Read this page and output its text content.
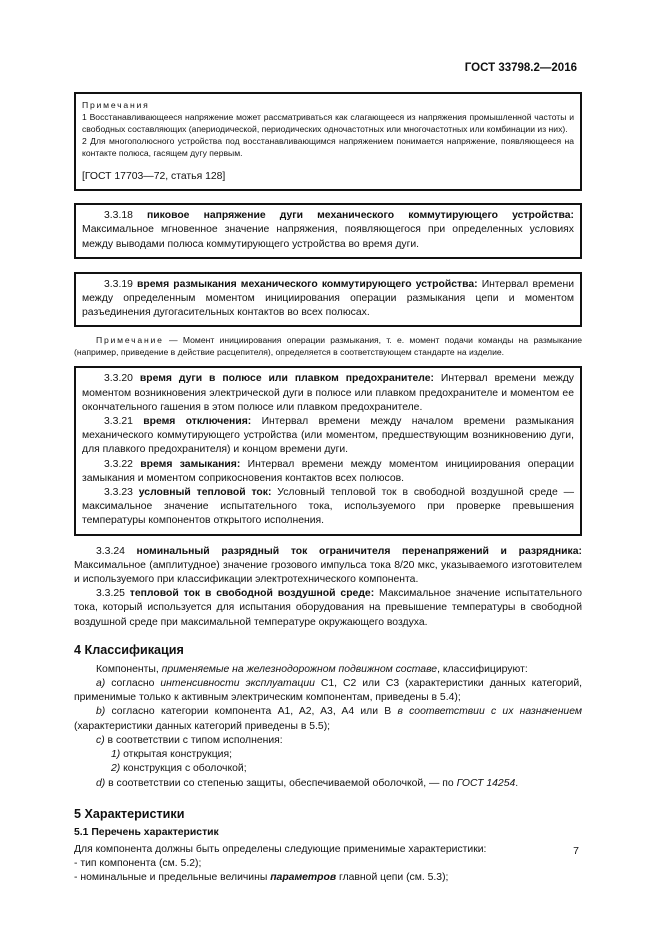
ГОСТ 33798.2—2016

Примечания

1 Восстанавливающееся напряжение может рассматриваться как слагающееся из напряжения промышленной частоты и свободных составляющих (апериодической, периодических одночастотных или многочастотных или комбинации из них).

2 Для многополюсного устройства под восстанавливающимся напряжением понимается напряжение, появляющееся на контакте полюса, гасящем дугу первым.

[ГОСТ 17703—72, статья 128]

3.3.18 пиковое напряжение дуги механического коммутирующего устройства: Максимальное мгновенное значение напряжения, появляющегося при определенных условиях между выводами полюса коммутирующего устройства во время дуги.

3.3.19 время размыкания механического коммутирующего устройства: Интервал времени между определенным моментом инициирования операции размыкания цепи и моментом разъединения дугогасительных контактов во всех полюсах.

Примечание — Момент инициирования операции размыкания, т. е. момент подачи команды на размыкание (например, приведение в действие расцепителя), определяется в соответствующем стандарте на изделие.

3.3.20 время дуги в полюсе или плавком предохранителе: Интервал времени между моментом возникновения электрической дуги в полюсе или плавком предохранителе и моментом ее окончательного гашения в этом полюсе или плавком предохранителе.

3.3.21 время отключения: Интервал времени между началом времени размыкания механического коммутирующего устройства (или моментом, предшествующим возникновению дуги, для плавкого предохранителя) и концом времени дуги.

3.3.22 время замыкания: Интервал времени между моментом инициирования операции замыкания и моментом соприкосновения контактов всех полюсов.

3.3.23 условный тепловой ток: Условный тепловой ток в свободной воздушной среде — максимальное значение испытательного тока, используемого при проверке превышения температуры компонентов открытого исполнения.

3.3.24 номинальный разрядный ток ограничителя перенапряжений и разрядника: Максимальное (амплитудное) значение грозового импульса тока 8/20 мкс, указываемого изготовителем и используемого при классификации электротехнического компонента.

3.3.25 тепловой ток в свободной воздушной среде: Максимальное значение испытательного тока, который используется для испытания оборудования на превышение температуры в свободной воздушной среде при максимальной температуре окружающего воздуха.

4 Классификация

Компоненты, применяемые на железнодорожном подвижном составе, классифицируют:

а) согласно интенсивности эксплуатации С1, С2 или С3 (характеристики данных категорий, применимые только к активным электрическим компонентам, приведены в 5.4);

b) согласно категории компонента A1, A2, A3, A4 или B в соответствии с их назначением (характеристики данных категорий приведены в 5.5);

с) в соответствии с типом исполнения:

1) открытая конструкция;

2) конструкция с оболочкой;

d) в соответствии со степенью защиты, обеспечиваемой оболочкой, — по ГОСТ 14254.

5 Характеристики
5.1 Перечень характеристик

Для компонента должны быть определены следующие применимые характеристики:

- тип компонента (см. 5.2);

- номинальные и предельные величины параметров главной цепи (см. 5.3);

7
